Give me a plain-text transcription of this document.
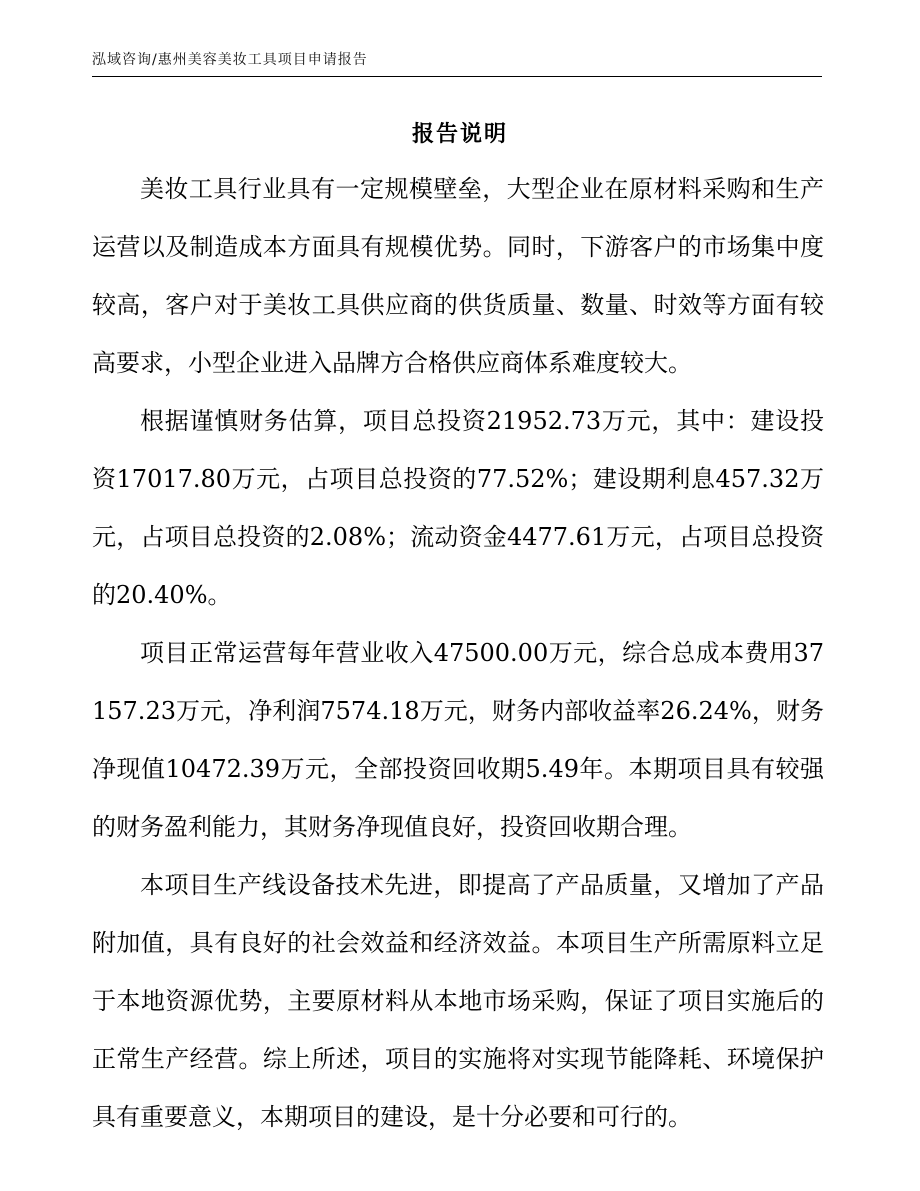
泓域咨询/惠州美容美妆工具项目申请报告
报告说明

美妆工具行业具有一定规模壁垒，大型企业在原材料采购和生产运营以及制造成本方面具有规模优势。同时，下游客户的市场集中度较高，客户对于美妆工具供应商的供货质量、数量、时效等方面有较高要求，小型企业进入品牌方合格供应商体系难度较大。

根据谨慎财务估算，项目总投资21952.73万元，其中：建设投资17017.80万元，占项目总投资的77.52%；建设期利息457.32万元，占项目总投资的2.08%；流动资金4477.61万元，占项目总投资的20.40%。

项目正常运营每年营业收入47500.00万元，综合总成本费用37157.23万元，净利润7574.18万元，财务内部收益率26.24%，财务净现值10472.39万元，全部投资回收期5.49年。本期项目具有较强的财务盈利能力，其财务净现值良好，投资回收期合理。

本项目生产线设备技术先进，即提高了产品质量，又增加了产品附加值，具有良好的社会效益和经济效益。本项目生产所需原料立足于本地资源优势，主要原材料从本地市场采购，保证了项目实施后的正常生产经营。综上所述，项目的实施将对实现节能降耗、环境保护具有重要意义，本期项目的建设，是十分必要和可行的。
